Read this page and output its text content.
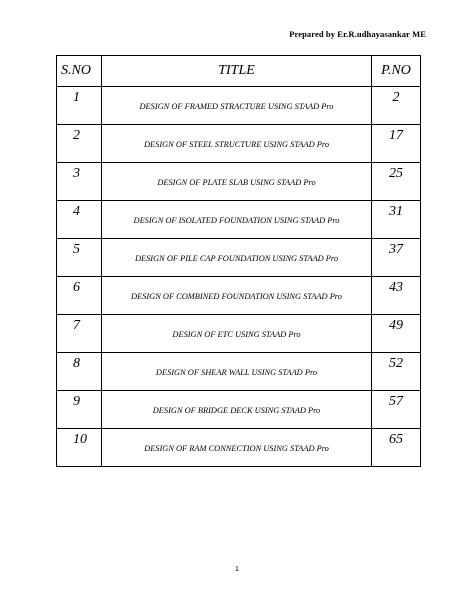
Prepared by Er.R.udhayasankar ME
S.NO	TITLE	P.NO
1	DESIGN OF FRAMED STRACTURE USING STAAD Pro	2
2	DESIGN OF STEEL STRUCTURE USING STAAD Pro	17
3	DESIGN OF PLATE SLAB USING STAAD Pro	25
4	DESIGN OF ISOLATED FOUNDATION USING STAAD Pro	31
5	DESIGN OF PILE CAP FOUNDATION USING STAAD Pro	37
6	DESIGN OF COMBINED FOUNDATION USING STAAD Pro	43
7	DESIGN OF ETC USING STAAD Pro	49
8	DESIGN OF SHEAR WALL USING STAAD Pro	52
9	DESIGN OF BRIDGE DECK USING STAAD Pro	57
10	DESIGN OF RAM CONNECTION USING STAAD Pro	65
1
